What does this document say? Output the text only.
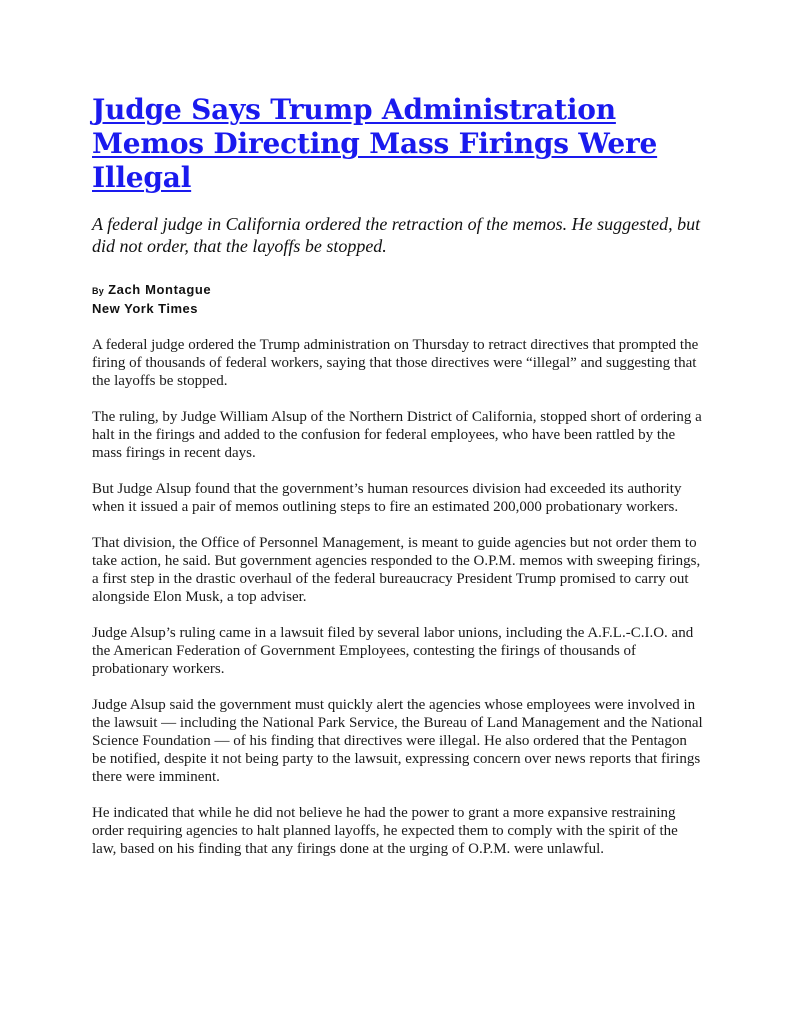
Judge Says Trump Administration Memos Directing Mass Firings Were Illegal

A federal judge in California ordered the retraction of the memos. He suggested, but did not order, that the layoffs be stopped.

By Zach Montague
New York Times

A federal judge ordered the Trump administration on Thursday to retract directives that prompted the firing of thousands of federal workers, saying that those directives were “illegal” and suggesting that the layoffs be stopped.

The ruling, by Judge William Alsup of the Northern District of California, stopped short of ordering a halt in the firings and added to the confusion for federal employees, who have been rattled by the mass firings in recent days.

But Judge Alsup found that the government’s human resources division had exceeded its authority when it issued a pair of memos outlining steps to fire an estimated 200,000 probationary workers.

That division, the Office of Personnel Management, is meant to guide agencies but not order them to take action, he said. But government agencies responded to the O.P.M. memos with sweeping firings, a first step in the drastic overhaul of the federal bureaucracy President Trump promised to carry out alongside Elon Musk, a top adviser.

Judge Alsup’s ruling came in a lawsuit filed by several labor unions, including the A.F.L.-C.I.O. and the American Federation of Government Employees, contesting the firings of thousands of probationary workers.

Judge Alsup said the government must quickly alert the agencies whose employees were involved in the lawsuit — including the National Park Service, the Bureau of Land Management and the National Science Foundation — of his finding that directives were illegal. He also ordered that the Pentagon be notified, despite it not being party to the lawsuit, expressing concern over news reports that firings there were imminent.

He indicated that while he did not believe he had the power to grant a more expansive restraining order requiring agencies to halt planned layoffs, he expected them to comply with the spirit of the law, based on his finding that any firings done at the urging of O.P.M. were unlawful.
